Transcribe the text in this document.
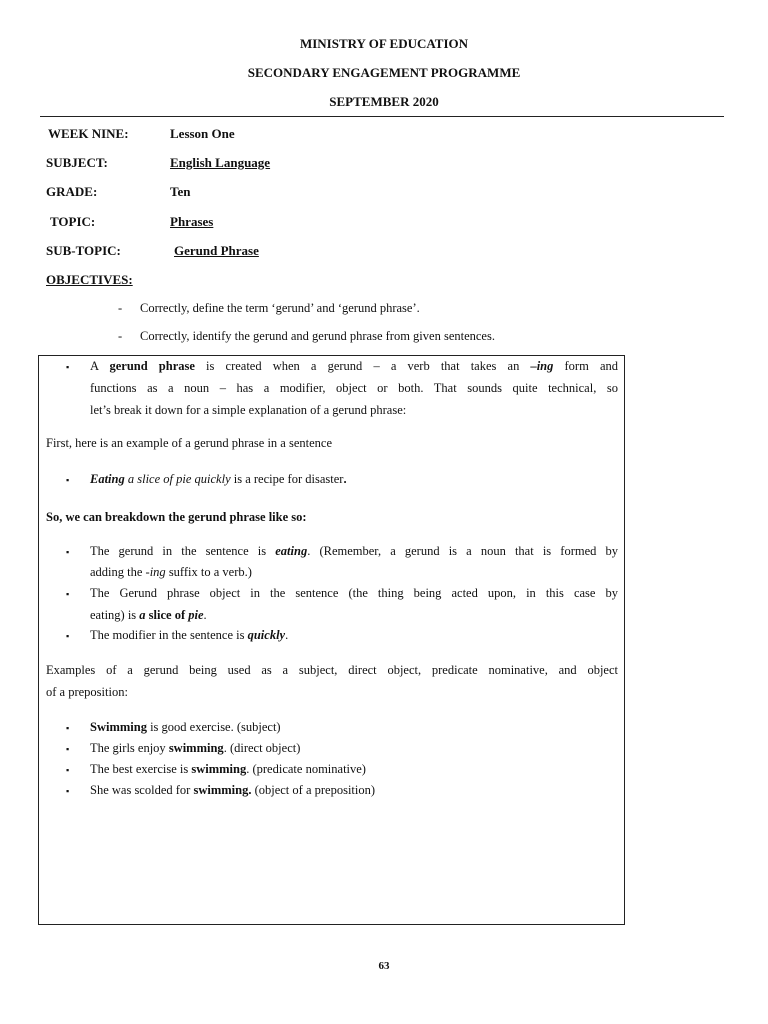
MINISTRY OF EDUCATION
SECONDARY ENGAGEMENT PROGRAMME
SEPTEMBER 2020
WEEK NINE:	Lesson One
SUBJECT:	English Language
GRADE:	Ten
TOPIC:	Phrases
SUB-TOPIC:	Gerund Phrase
OBJECTIVES:
- Correctly, define the term ‘gerund’ and ‘gerund phrase’.
- Correctly, identify the gerund and gerund phrase from given sentences.
▪ A gerund phrase is created when a gerund – a verb that takes an –ing form and
functions as a noun – has a modifier, object or both. That sounds quite technical, so
let’s break it down for a simple explanation of a gerund phrase:
First, here is an example of a gerund phrase in a sentence
▪ Eating a slice of pie quickly is a recipe for disaster.
So, we can breakdown the gerund phrase like so:
▪ The gerund in the sentence is eating. (Remember, a gerund is a noun that is formed by
adding the -ing suffix to a verb.)
▪ The Gerund phrase object in the sentence (the thing being acted upon, in this case by
eating) is a slice of pie.
▪ The modifier in the sentence is quickly.
Examples of a gerund being used as a subject, direct object, predicate nominative, and object
of a preposition:
▪ Swimming is good exercise. (subject)
▪ The girls enjoy swimming. (direct object)
▪ The best exercise is swimming. (predicate nominative)
▪ She was scolded for swimming. (object of a preposition)
63
